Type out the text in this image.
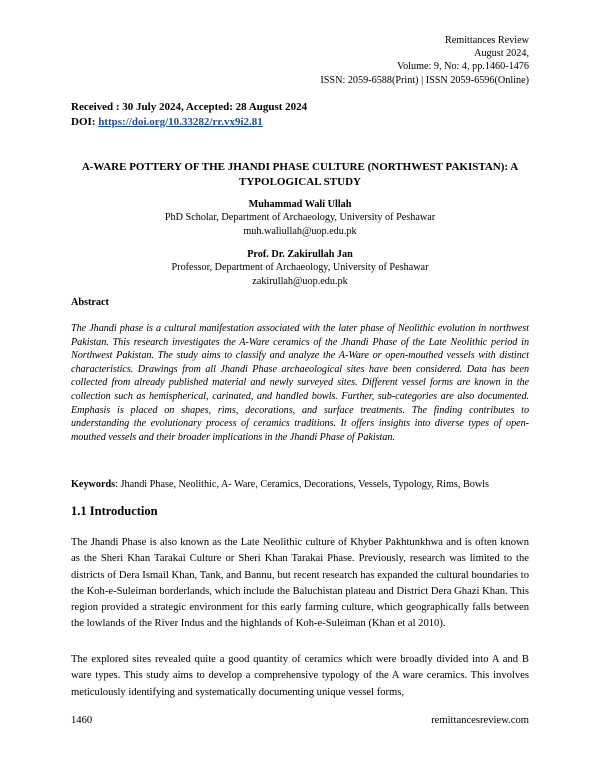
Remittances Review
August 2024,
Volume: 9, No: 4, pp.1460-1476
ISSN: 2059-6588(Print) | ISSN 2059-6596(Online)
Received : 30 July 2024, Accepted: 28 August 2024
DOI: https://doi.org/10.33282/rr.vx9i2.81
A-WARE POTTERY OF THE JHANDI PHASE CULTURE (NORTHWEST PAKISTAN): A TYPOLOGICAL STUDY
Muhammad Wali Ullah
PhD Scholar, Department of Archaeology, University of Peshawar
muh.waliullah@uop.edu.pk
Prof. Dr. Zakirullah Jan
Professor, Department of Archaeology, University of Peshawar
zakirullah@uop.edu.pk
Abstract
The Jhandi phase is a cultural manifestation associated with the later phase of Neolithic evolution in northwest Pakistan. This research investigates the A-Ware ceramics of the Jhandi Phase of the Late Neolithic period in Northwest Pakistan. The study aims to classify and analyze the A-Ware or open-mouthed vessels with distinct characteristics. Drawings from all Jhandi Phase archaeological sites have been considered. Data has been collected from already published material and newly surveyed sites. Different vessel forms are known in the collection such as hemispherical, carinated, and handled bowls. Further, sub-categories are also documented. Emphasis is placed on shapes, rims, decorations, and surface treatments. The finding contributes to understanding the evolutionary process of ceramics traditions. It offers insights into diverse types of open-mouthed vessels and their broader implications in the Jhandi Phase of Pakistan.
Keywords: Jhandi Phase, Neolithic, A- Ware, Ceramics, Decorations, Vessels, Typology, Rims, Bowls
1.1 Introduction
The Jhandi Phase is also known as the Late Neolithic culture of Khyber Pakhtunkhwa and is often known as the Sheri Khan Tarakai Culture or Sheri Khan Tarakai Phase. Previously, research was limited to the districts of Dera Ismail Khan, Tank, and Bannu, but recent research has expanded the cultural boundaries to the Koh-e-Suleiman borderlands, which include the Baluchistan plateau and District Dera Ghazi Khan. This region provided a strategic environment for this early farming culture, which geographically falls between the lowlands of the River Indus and the highlands of Koh-e-Suleiman (Khan et al 2010).
The explored sites revealed quite a good quantity of ceramics which were broadly divided into A and B ware types. This study aims to develop a comprehensive typology of the A ware ceramics. This involves meticulously identifying and systematically documenting unique vessel forms,
1460	remittancesreview.com
